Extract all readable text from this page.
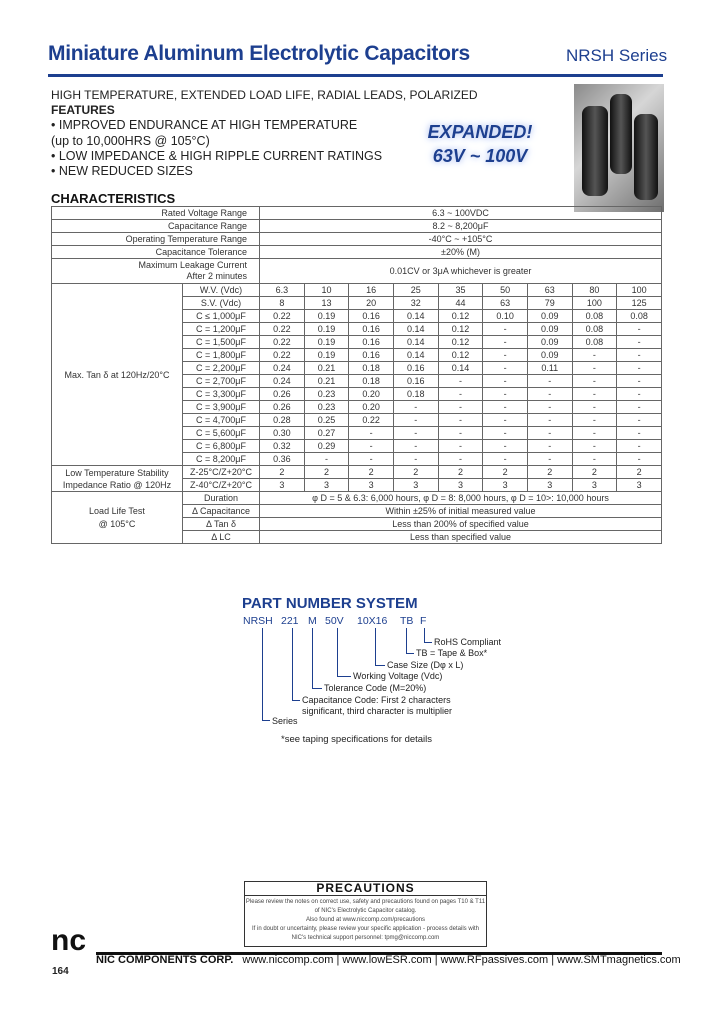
Miniature Aluminum Electrolytic Capacitors	NRSH Series
HIGH TEMPERATURE, EXTENDED LOAD LIFE, RADIAL LEADS, POLARIZED
FEATURES
• IMPROVED ENDURANCE AT HIGH TEMPERATURE
(up to 10,000HRS @ 105°C)
• LOW IMPEDANCE & HIGH RIPPLE CURRENT RATINGS
• NEW REDUCED SIZES
EXPANDED!
63V ~ 100V
CHARACTERISTICS
Rated Voltage Range		6.3 ~ 100VDC								
Capacitance Range		8.2 ~ 8,200μF								
Operating Temperature Range		-40°C ~ +105°C								
Capacitance Tolerance		±20% (M)								
Maximum Leakage Current
After 2 minutes		0.01CV or 3μA whichever is greater								
Max. Tan δ at 120Hz/20°C	W.V. (Vdc)	6.3	10	16	25	35	50	63	80	100
	S.V. (Vdc)	8	13	20	32	44	63	79	100	125
	C ≤ 1,000μF	0.22	0.19	0.16	0.14	0.12	0.10	0.09	0.08	0.08
	C = 1,200μF	0.22	0.19	0.16	0.14	0.12	-	0.09	0.08	-
	C = 1,500μF	0.22	0.19	0.16	0.14	0.12	-	0.09	0.08	-
	C = 1,800μF	0.22	0.19	0.16	0.14	0.12	-	0.09	-	-
	C = 2,200μF	0.24	0.21	0.18	0.16	0.14	-	0.11	-	-
	C = 2,700μF	0.24	0.21	0.18	0.16	-	-	-	-	-
	C = 3,300μF	0.26	0.23	0.20	0.18	-	-	-	-	-
	C = 3,900μF	0.26	0.23	0.20	-	-	-	-	-	-
	C = 4,700μF	0.28	0.25	0.22	-	-	-	-	-	-
	C = 5,600μF	0.30	0.27	-	-	-	-	-	-	-
	C = 6,800μF	0.32	0.29	-	-	-	-	-	-	-
	C = 8,200μF	0.36	-	-	-	-	-	-	-	-
Low Temperature Stability
Impedance Ratio @ 120Hz	Z-25°C/Z+20°C	2	2	2	2	2	2	2	2	2
	Z-40°C/Z+20°C	3	3	3	3	3	3	3	3	3
Load Life Test
@ 105°C	Duration	φ D = 5 & 6.3: 6,000 hours, φ D = 8: 8,000 hours, φ D = 10>: 10,000 hours								
	Δ Capacitance	Within ±25% of initial measured value								
	Δ Tan δ	Less than 200% of specified value								
	Δ LC	Less than specified value								
PART NUMBER SYSTEM
NRSH 221 M 50V 10X16 TB F
RoHS Compliant
TB = Tape & Box*
Case Size (Dφ x L)
Working Voltage (Vdc)
Tolerance Code (M=20%)
Capacitance Code: First 2 characters
significant, third character is multiplier
Series
*see taping specifications for details
PRECAUTIONS
Please review the notes on correct use, safety and precautions found on pages T10 & T11
of NIC's Electrolytic Capacitor catalog.
Also found at www.niccomp.com/precautions
If in doubt or uncertainty, please review your specific application - process details with
NIC's technical support personnel: tpmg@niccomp.com
nc
NIC COMPONENTS CORP. www.niccomp.com | www.lowESR.com | www.RFpassives.com | www.SMTmagnetics.com
164
